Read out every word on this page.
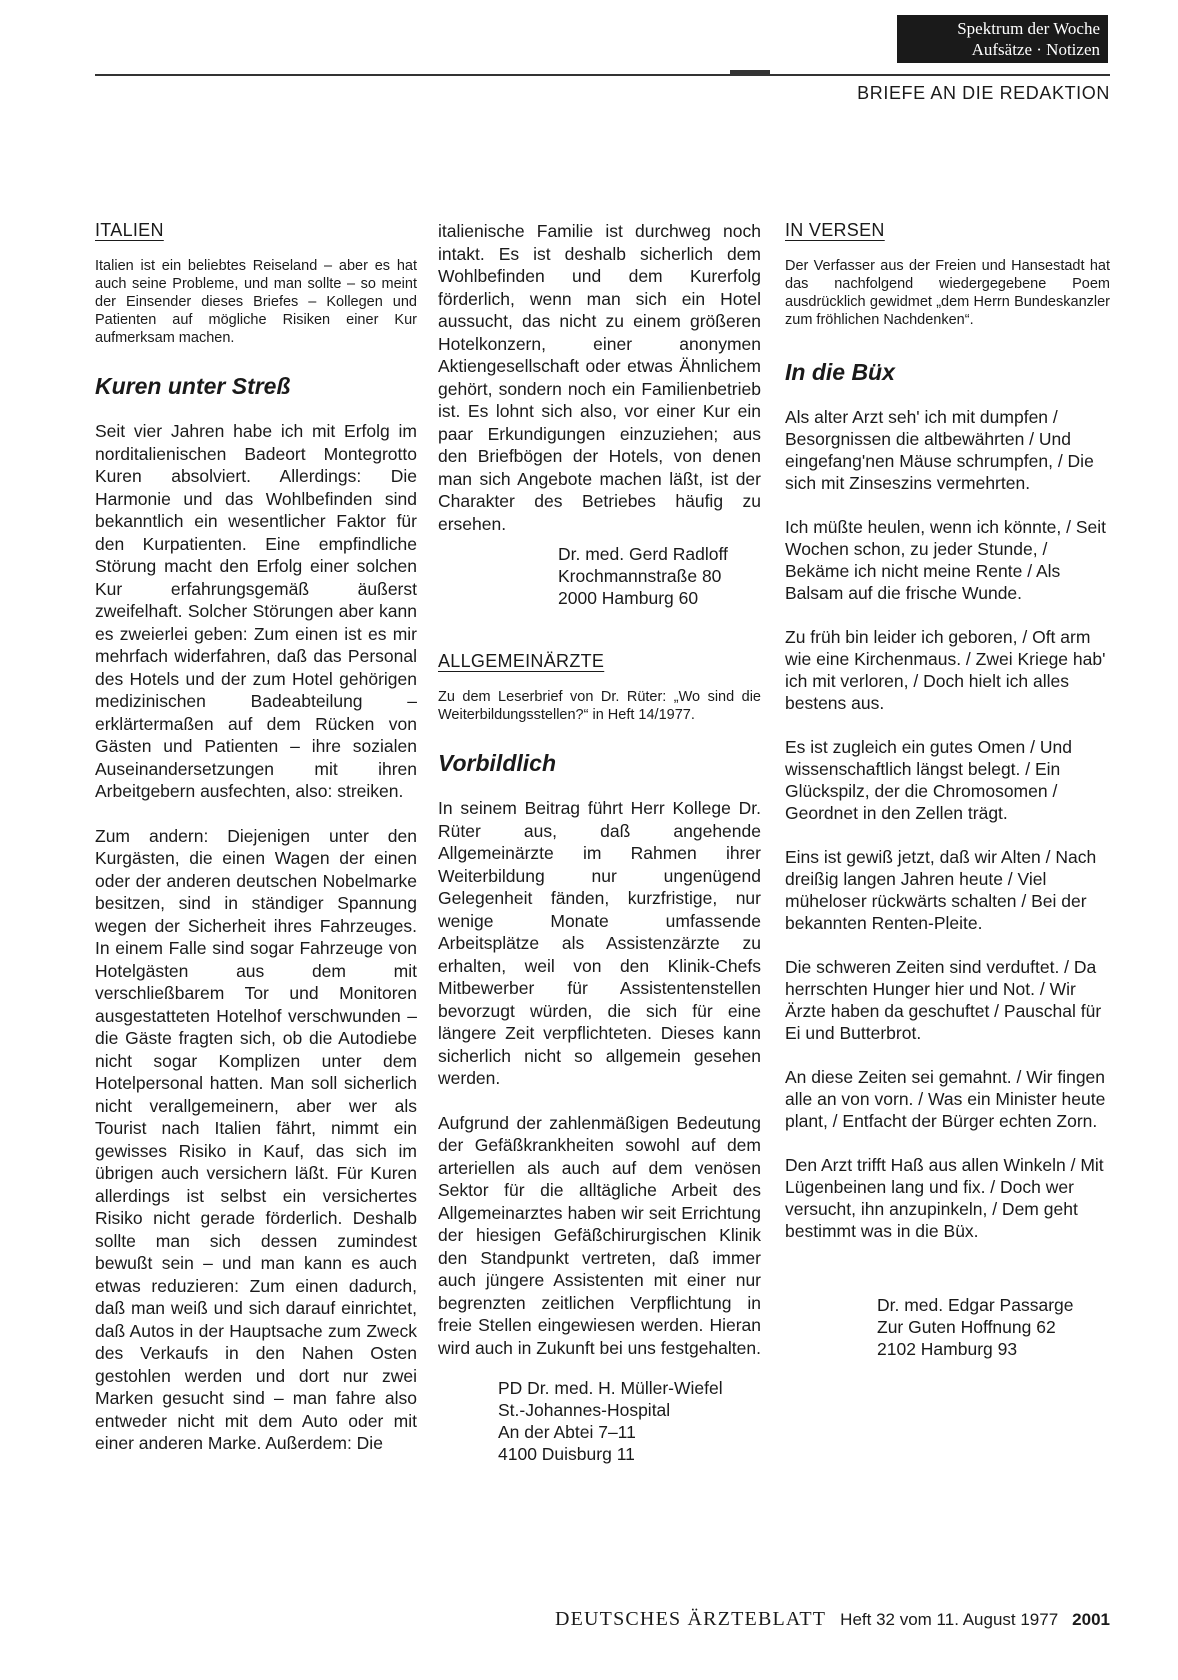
Spektrum der Woche
Aufsätze · Notizen
BRIEFE AN DIE REDAKTION
ITALIEN
Italien ist ein beliebtes Reiseland – aber es hat auch seine Probleme, und man sollte – so meint der Einsender dieses Briefes – Kollegen und Patienten auf mögliche Risiken einer Kur aufmerksam machen.
Kuren unter Streß

Seit vier Jahren habe ich mit Erfolg im norditalienischen Badeort Montegrotto Kuren absolviert. Allerdings: Die Harmonie und das Wohlbefinden sind bekanntlich ein wesentlicher Faktor für den Kurpatienten. Eine empfindliche Störung macht den Erfolg einer solchen Kur erfahrungsgemäß äußerst zweifelhaft. Solcher Störungen aber kann es zweierlei geben: Zum einen ist es mir mehrfach widerfahren, daß das Personal des Hotels und der zum Hotel gehörigen medizinischen Badeabteilung – erklärtermaßen auf dem Rücken von Gästen und Patienten – ihre sozialen Auseinandersetzungen mit ihren Arbeitgebern ausfechten, also: streiken.

Zum andern: Diejenigen unter den Kurgästen, die einen Wagen der einen oder der anderen deutschen Nobelmarke besitzen, sind in ständiger Spannung wegen der Sicherheit ihres Fahrzeuges. In einem Falle sind sogar Fahrzeuge von Hotelgästen aus dem mit verschließbarem Tor und Monitoren ausgestatteten Hotelhof verschwunden – die Gäste fragten sich, ob die Autodiebe nicht sogar Komplizen unter dem Hotelpersonal hatten. Man soll sicherlich nicht verallgemeinern, aber wer als Tourist nach Italien fährt, nimmt ein gewisses Risiko in Kauf, das sich im übrigen auch versichern läßt. Für Kuren allerdings ist selbst ein versichertes Risiko nicht gerade förderlich. Deshalb sollte man sich dessen zumindest bewußt sein – und man kann es auch etwas reduzieren: Zum einen dadurch, daß man weiß und sich darauf einrichtet, daß Autos in der Hauptsache zum Zweck des Verkaufs in den Nahen Osten gestohlen werden und dort nur zwei Marken gesucht sind – man fahre also entweder nicht mit dem Auto oder mit einer anderen Marke. Außerdem: Die

italienische Familie ist durchweg noch intakt. Es ist deshalb sicherlich dem Wohlbefinden und dem Kurerfolg förderlich, wenn man sich ein Hotel aussucht, das nicht zu einem größeren Hotelkonzern, einer anonymen Aktiengesellschaft oder etwas Ähnlichem gehört, sondern noch ein Familienbetrieb ist. Es lohnt sich also, vor einer Kur ein paar Erkundigungen einzuziehen; aus den Briefbögen der Hotels, von denen man sich Angebote machen läßt, ist der Charakter des Betriebes häufig zu ersehen.

Dr. med. Gerd Radloff
Krochmannstraße 80
2000 Hamburg 60
ALLGEMEINÄRZTE
Zu dem Leserbrief von Dr. Rüter: „Wo sind die Weiterbildungsstellen?“ in Heft 14/1977.
Vorbildlich

In seinem Beitrag führt Herr Kollege Dr. Rüter aus, daß angehende Allgemeinärzte im Rahmen ihrer Weiterbildung nur ungenügend Gelegenheit fänden, kurzfristige, nur wenige Monate umfassende Arbeitsplätze als Assistenzärzte zu erhalten, weil von den Klinik-Chefs Mitbewerber für Assistentenstellen bevorzugt würden, die sich für eine längere Zeit verpflichteten. Dieses kann sicherlich nicht so allgemein gesehen werden.

Aufgrund der zahlenmäßigen Bedeutung der Gefäßkrankheiten sowohl auf dem arteriellen als auch auf dem venösen Sektor für die alltägliche Arbeit des Allgemeinarztes haben wir seit Errichtung der hiesigen Gefäßchirurgischen Klinik den Standpunkt vertreten, daß immer auch jüngere Assistenten mit einer nur begrenzten zeitlichen Verpflichtung in freie Stellen eingewiesen werden. Hieran wird auch in Zukunft bei uns festgehalten.

PD Dr. med. H. Müller-Wiefel
St.-Johannes-Hospital
An der Abtei 7–11
4100 Duisburg 11
IN VERSEN
Der Verfasser aus der Freien und Hansestadt hat das nachfolgend wiedergegebene Poem ausdrücklich gewidmet „dem Herrn Bundeskanzler zum fröhlichen Nachdenken“.
In die Büx

Als alter Arzt seh' ich mit dumpfen / Besorgnissen die altbewährten / Und eingefang'nen Mäuse schrumpfen, / Die sich mit Zinseszins vermehrten.

Ich müßte heulen, wenn ich könnte, / Seit Wochen schon, zu jeder Stunde, / Bekäme ich nicht meine Rente / Als Balsam auf die frische Wunde.

Zu früh bin leider ich geboren, / Oft arm wie eine Kirchenmaus. / Zwei Kriege hab' ich mit verloren, / Doch hielt ich alles bestens aus.

Es ist zugleich ein gutes Omen / Und wissenschaftlich längst belegt. / Ein Glückspilz, der die Chromosomen / Geordnet in den Zellen trägt.

Eins ist gewiß jetzt, daß wir Alten / Nach dreißig langen Jahren heute / Viel müheloser rückwärts schalten / Bei der bekannten Renten-Pleite.

Die schweren Zeiten sind verduftet. / Da herrschten Hunger hier und Not. / Wir Ärzte haben da geschuftet / Pauschal für Ei und Butterbrot.

An diese Zeiten sei gemahnt. / Wir fingen alle an von vorn. / Was ein Minister heute plant, / Entfacht der Bürger echten Zorn.

Den Arzt trifft Haß aus allen Winkeln / Mit Lügenbeinen lang und fix. / Doch wer versucht, ihn anzupinkeln, / Dem geht bestimmt was in die Büx.

Dr. med. Edgar Passarge
Zur Guten Hoffnung 62
2102 Hamburg 93
DEUTSCHES ÄRZTEBLATT Heft 32 vom 11. August 1977 2001
